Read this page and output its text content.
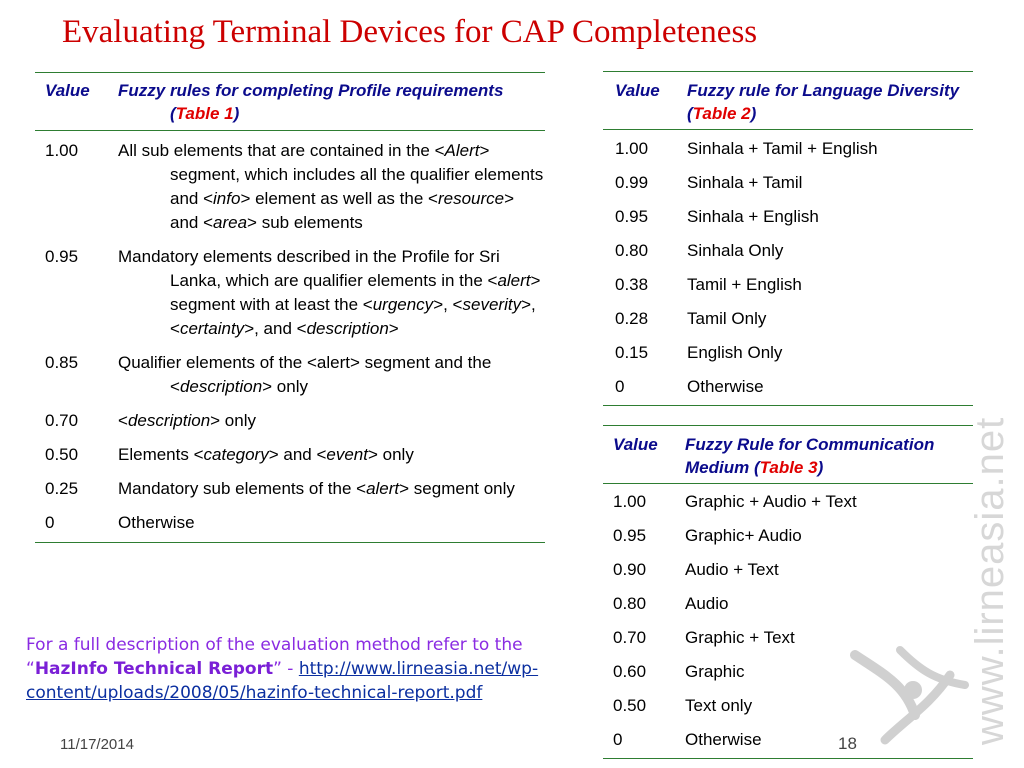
Evaluating Terminal Devices for CAP Completeness
Value	Fuzzy rules for completing Profile requirements (Table 1)
1.00	All sub elements that are contained in the <Alert> segment, which includes all the qualifier elements and <info> element as well as the <resource> and <area> sub elements
0.95	Mandatory elements described in the Profile for Sri Lanka, which are qualifier elements in the <alert> segment with at least the <urgency>, <severity>, <certainty>, and <description>
0.85	Qualifier elements of the <alert> segment and the <description> only
0.70	<description> only
0.50	Elements <category> and <event> only
0.25	Mandatory sub elements of the <alert> segment only
0	Otherwise
Value	Fuzzy rule for Language Diversity (Table 2)
1.00	Sinhala + Tamil + English
0.99	Sinhala + Tamil
0.95	Sinhala + English
0.80	Sinhala Only
0.38	Tamil + English
0.28	Tamil Only
0.15	English Only
0	Otherwise
Value	Fuzzy Rule for Communication Medium (Table 3)
1.00	Graphic + Audio + Text
0.95	Graphic+ Audio
0.90	Audio + Text
0.80	Audio
0.70	Graphic + Text
0.60	Graphic
0.50	Text only
0	Otherwise
For a full description of the evaluation method refer to the “HazInfo Technical Report” - http://www.lirneasia.net/wp-content/uploads/2008/05/hazinfo-technical-report.pdf
11/17/2014	18	www.lirneasia.net
